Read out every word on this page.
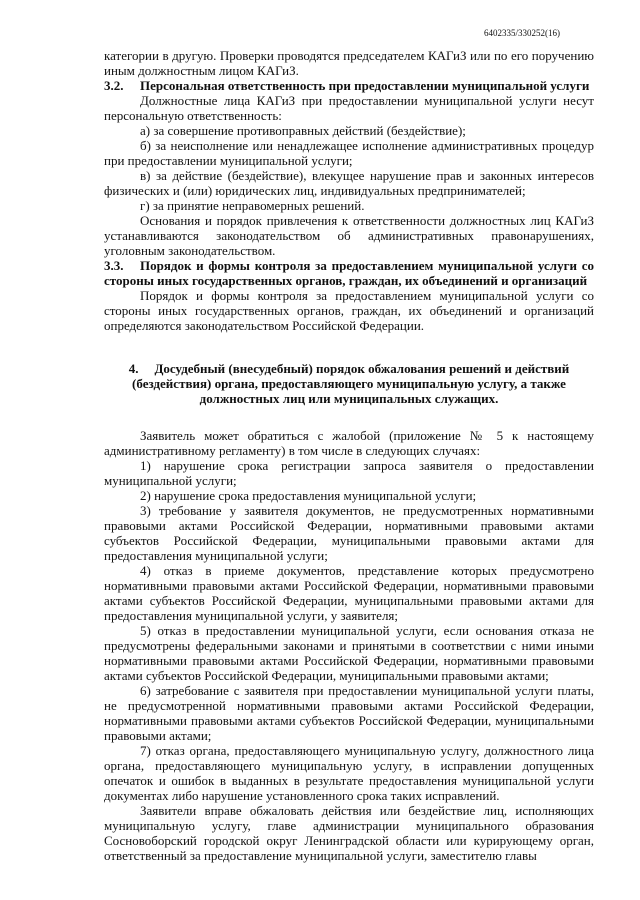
6402335/330252(16)

категории в другую. Проверки проводятся председателем КАГиЗ или по его поручению иным должностным лицом КАГиЗ.

3.2. Персональная ответственность при предоставлении муниципальной услуги

Должностные лица КАГиЗ при предоставлении муниципальной услуги несут персональную ответственность:

а) за совершение противоправных действий (бездействие);

б) за неисполнение или ненадлежащее исполнение административных процедур при предоставлении муниципальной услуги;

в) за действие (бездействие), влекущее нарушение прав и законных интересов физических и (или) юридических лиц, индивидуальных предпринимателей;

г) за принятие неправомерных решений.

Основания и порядок привлечения к ответственности должностных лиц КАГиЗ устанавливаются законодательством об административных правонарушениях, уголовным законодательством.

3.3. Порядок и формы контроля за предоставлением муниципальной услуги со стороны иных государственных органов, граждан, их объединений и организаций

Порядок и формы контроля за предоставлением муниципальной услуги со стороны иных государственных органов, граждан, их объединений и организаций определяются законодательством Российской Федерации.

4. Досудебный (внесудебный) порядок обжалования решений и действий (бездействия) органа, предоставляющего муниципальную услугу, а также должностных лиц или муниципальных служащих.

Заявитель может обратиться с жалобой (приложение № 5 к настоящему административному регламенту) в том числе в следующих случаях:

1) нарушение срока регистрации запроса заявителя о предоставлении муниципальной услуги;

2) нарушение срока предоставления муниципальной услуги;

3) требование у заявителя документов, не предусмотренных нормативными правовыми актами Российской Федерации, нормативными правовыми актами субъектов Российской Федерации, муниципальными правовыми актами для предоставления муниципальной услуги;

4) отказ в приеме документов, представление которых предусмотрено нормативными правовыми актами Российской Федерации, нормативными правовыми актами субъектов Российской Федерации, муниципальными правовыми актами для предоставления муниципальной услуги, у заявителя;

5) отказ в предоставлении муниципальной услуги, если основания отказа не предусмотрены федеральными законами и принятыми в соответствии с ними иными нормативными правовыми актами Российской Федерации, нормативными правовыми актами субъектов Российской Федерации, муниципальными правовыми актами;

6) затребование с заявителя при предоставлении муниципальной услуги платы, не предусмотренной нормативными правовыми актами Российской Федерации, нормативными правовыми актами субъектов Российской Федерации, муниципальными правовыми актами;

7) отказ органа, предоставляющего муниципальную услугу, должностного лица органа, предоставляющего муниципальную услугу, в исправлении допущенных опечаток и ошибок в выданных в результате предоставления муниципальной услуги документах либо нарушение установленного срока таких исправлений.

Заявители вправе обжаловать действия или бездействие лиц, исполняющих муниципальную услугу, главе администрации муниципального образования Сосновоборский городской округ Ленинградской области или курирующему орган, ответственный за предоставление муниципальной услуги, заместителю главы
